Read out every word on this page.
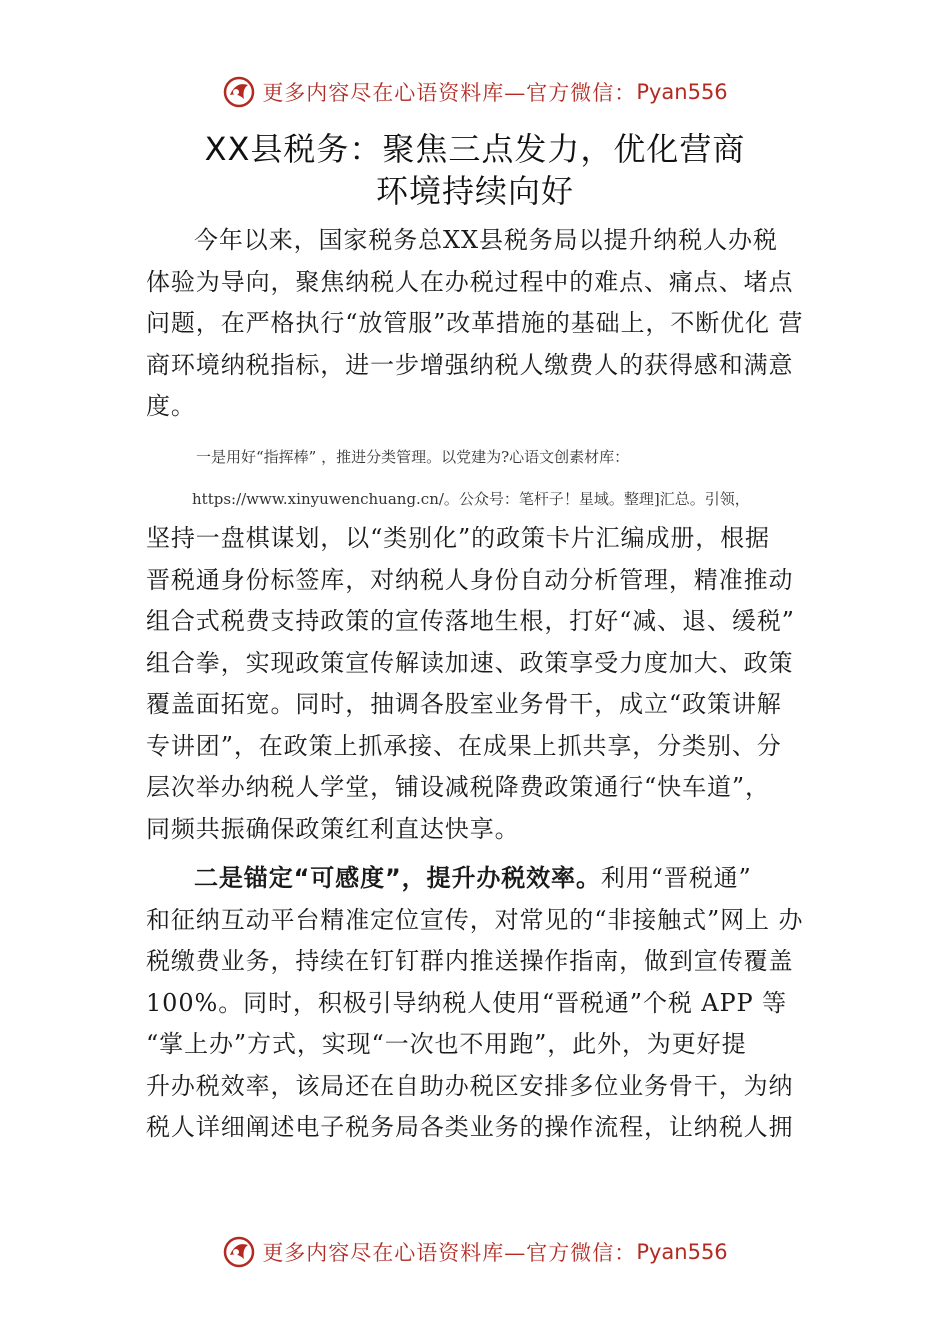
更多内容尽在心语资料库—官方微信： Pyan556
XX县税务：聚焦三点发力，优化营商
环境持续向好
今年以来，国家税务总XX县税务局以提升纳税人办税
体验为导向，聚焦纳税人在办税过程中的难点、痛点、堵点
问题，在严格执行“放管服”改革措施的基础上，不断优化 营
商环境纳税指标，进一步增强纳税人缴费人的获得感和满意
度。
一是用好“指挥棒” ，推进分类管理。以党建为?心语文创素材库：
https://www.xinyuwenchuang.cn/。公众号：笔杆子！星域。整理]汇总。引领，
坚持一盘棋谋划，以“类别化”的政策卡片汇编成册，根据
晋税通身份标签库，对纳税人身份自动分析管理，精准推动
组合式税费支持政策的宣传落地生根，打好“减、退、缓税”
组合拳，实现政策宣传解读加速、政策享受力度加大、政策
覆盖面拓宽。同时，抽调各股室业务骨干，成立“政策讲解
专讲团”，在政策上抓承接、在成果上抓共享，分类别、分
层次举办纳税人学堂，铺设减税降费政策通行“快车道”，
同频共振确保政策红利直达快享。
二是锚定“可感度”，提升办税效率。利用“晋税通”
和征纳互动平台精准定位宣传，对常见的“非接触式”网上 办
税缴费业务，持续在钉钉群内推送操作指南，做到宣传覆盖
100%。同时，积极引导纳税人使用“晋税通”个税 APP 等
“掌上办”方式，实现“一次也不用跑”，此外，为更好提
升办税效率，该局还在自助办税区安排多位业务骨干，为纳
税人详细阐述电子税务局各类业务的操作流程，让纳税人拥
更多内容尽在心语资料库—官方微信： Pyan556
